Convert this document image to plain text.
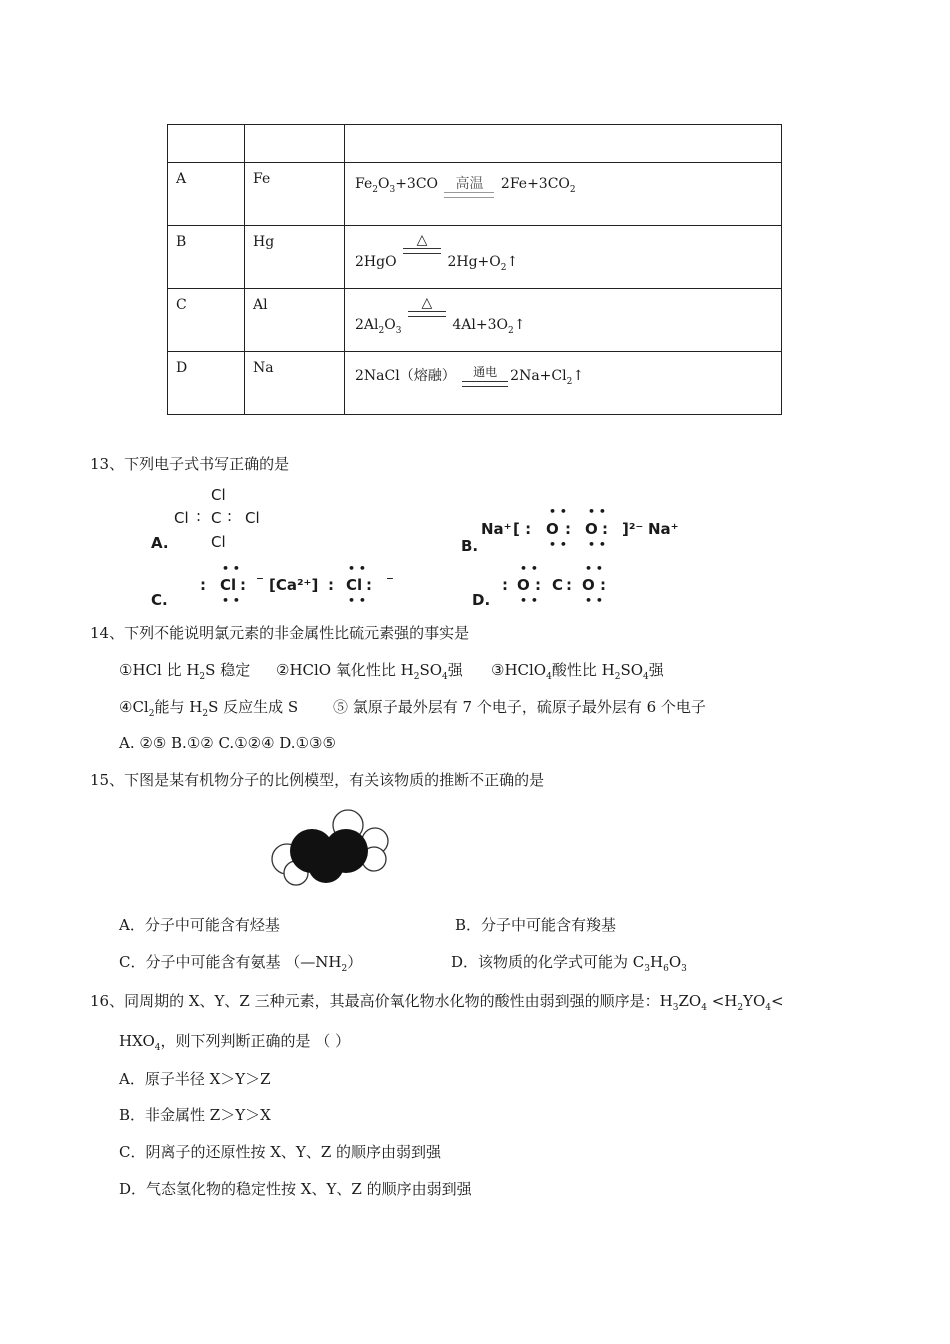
A	Fe	$Fe_2O_3+3CO$ 高温 $2Fe+3CO_2$

B	Hg	2HgO
△
$2Hg+O_2↑$

C	Al	$2Al_2O_3$
△
$4Al+3O_2↑$

D	Na	2NaCl（熔融） 通电 $2Na+Cl_2↑$
13、下列电子式书写正确的是
Cl
Cl C :
:	Cl
Cl
A.
Na⁺ [ : O : O : ]²⁻ Na⁺
• •
• •
• •
• •
B.
: Cl : ⁻ [Ca²⁺] : Cl : ⁻
• •
• •
• •
• •
C.
: O : C : O :
• •
• •
• •
• •
D.
14、下列不能说明氯元素的非金属性比硫元素强的事实是
①HCl 比 $H_2S$ 稳定 ②HClO 氧化性比 $H_2SO_4$强 ③HClO$_4$酸性比 $H_2SO_4$强
$④Cl_2$能与 $H_2S$ 反应生成 S ⑤ 氯原子最外层有 7 个电子，硫原子最外层有 6 个电子
A. ②⑤ B.①② C.①②④ D.①③⑤
15、下图是某有机物分子的比例模型，有关该物质的推断不正确的是
A．分子中可能含有烃基	B．分子中可能含有羧基
C．分子中可能含有氨基 $(—NH_2)$	D．该物质的化学式可能为 $C_3H_6O_3$
16、同周期的 X、Y、Z 三种元素，其最高价氧化物水化物的酸性由弱到强的顺序是：$H_3ZO_4 <H_2YO_4<$
$HXO_4$，则下列判断正确的是 （ ）
A．原子半径 X＞Y＞Z
B．非金属性 Z＞Y＞X
C．阴离子的还原性按 X、Y、Z 的顺序由弱到强
D．气态氢化物的稳定性按 X、Y、Z 的顺序由弱到强
